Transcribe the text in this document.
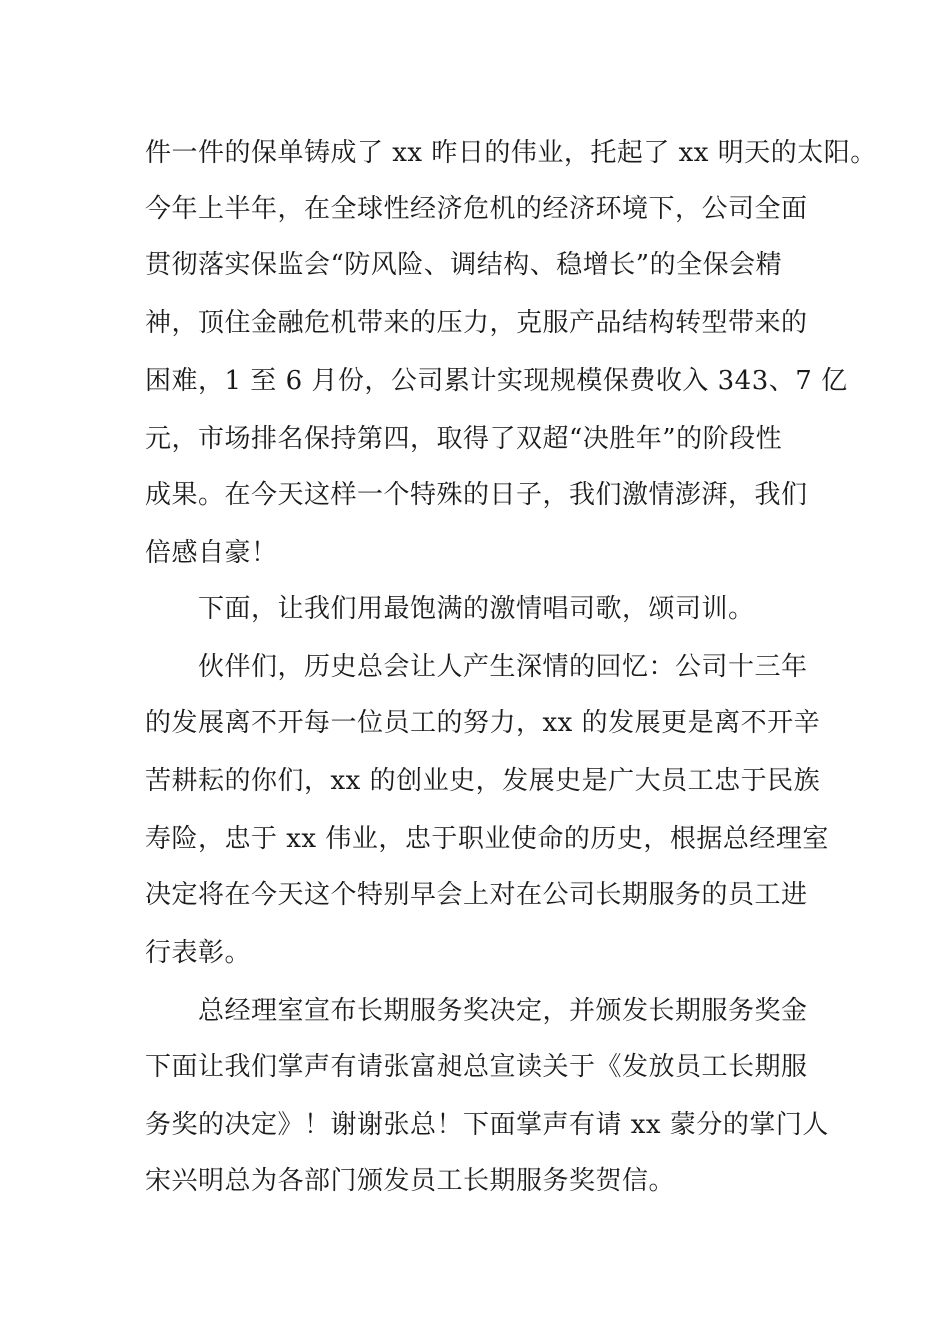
件一件的保单铸成了 xx 昨日的伟业，托起了 xx 明天的太阳。
今年上半年，在全球性经济危机的经济环境下，公司全面
贯彻落实保监会“防风险、调结构、稳增长”的全保会精
神，顶住金融危机带来的压力，克服产品结构转型带来的
困难，1 至 6 月份，公司累计实现规模保费收入 343、7 亿
元，市场排名保持第四，取得了双超“决胜年”的阶段性
成果。在今天这样一个特殊的日子，我们激情澎湃，我们
倍感自豪！
下面，让我们用最饱满的激情唱司歌，颂司训。
伙伴们，历史总会让人产生深情的回忆：公司十三年
的发展离不开每一位员工的努力，xx 的发展更是离不开辛
苦耕耘的你们，xx 的创业史，发展史是广大员工忠于民族
寿险，忠于 xx 伟业，忠于职业使命的历史，根据总经理室
决定将在今天这个特别早会上对在公司长期服务的员工进
行表彰。
总经理室宣布长期服务奖决定，并颁发长期服务奖金
下面让我们掌声有请张富昶总宣读关于《发放员工长期服
务奖的决定》！谢谢张总！下面掌声有请 xx 蒙分的掌门人
宋兴明总为各部门颁发员工长期服务奖贺信。
